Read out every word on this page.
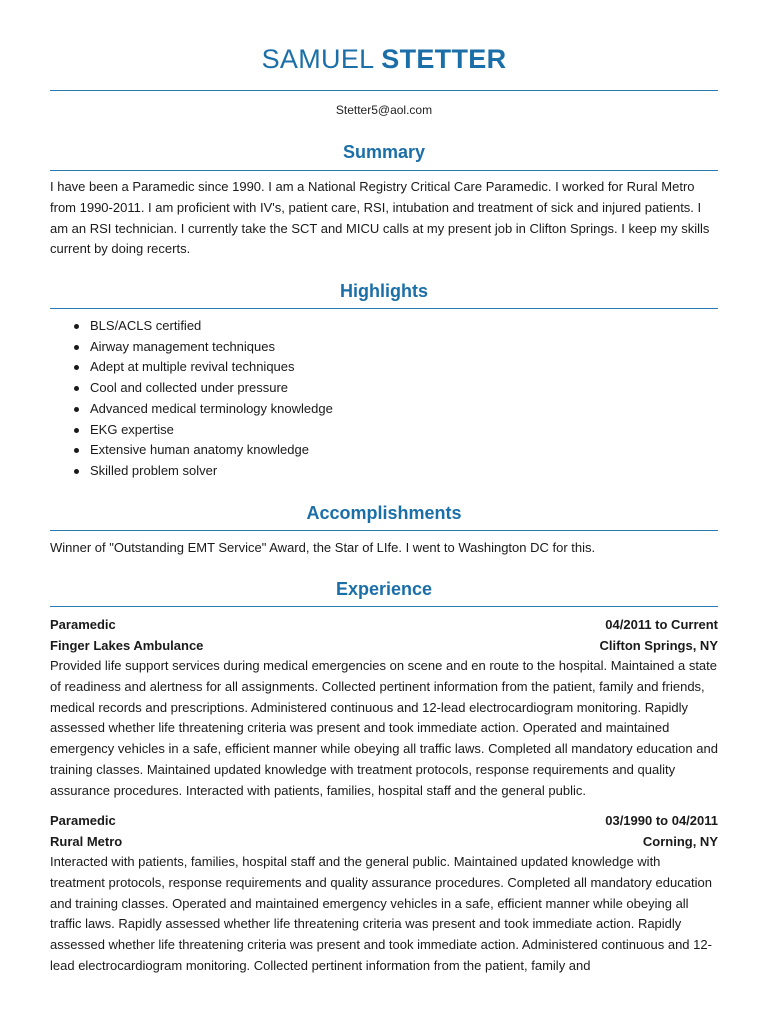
SAMUEL STETTER
Stetter5@aol.com
Summary
I have been a Paramedic since 1990. I am a National Registry Critical Care Paramedic. I worked for Rural Metro from 1990-2011. I am proficient with IV's, patient care, RSI, intubation and treatment of sick and injured patients. I am an RSI technician. I currently take the SCT and MICU calls at my present job in Clifton Springs. I keep my skills current by doing recerts.
Highlights
BLS/ACLS certified
Airway management techniques
Adept at multiple revival techniques
Cool and collected under pressure
Advanced medical terminology knowledge
EKG expertise
Extensive human anatomy knowledge
Skilled problem solver
Accomplishments
Winner of "Outstanding EMT Service" Award, the Star of LIfe. I went to Washington DC for this.
Experience
Paramedic	04/2011 to Current
Finger Lakes Ambulance	Clifton Springs, NY
Provided life support services during medical emergencies on scene and en route to the hospital. Maintained a state of readiness and alertness for all assignments. Collected pertinent information from the patient, family and friends, medical records and prescriptions. Administered continuous and 12-lead electrocardiogram monitoring. Rapidly assessed whether life threatening criteria was present and took immediate action. Operated and maintained emergency vehicles in a safe, efficient manner while obeying all traffic laws. Completed all mandatory education and training classes. Maintained updated knowledge with treatment protocols, response requirements and quality assurance procedures. Interacted with patients, families, hospital staff and the general public.
Paramedic	03/1990 to 04/2011
Rural Metro	Corning, NY
Interacted with patients, families, hospital staff and the general public. Maintained updated knowledge with treatment protocols, response requirements and quality assurance procedures. Completed all mandatory education and training classes. Operated and maintained emergency vehicles in a safe, efficient manner while obeying all traffic laws. Rapidly assessed whether life threatening criteria was present and took immediate action. Rapidly assessed whether life threatening criteria was present and took immediate action. Administered continuous and 12-lead electrocardiogram monitoring. Collected pertinent information from the patient, family and
